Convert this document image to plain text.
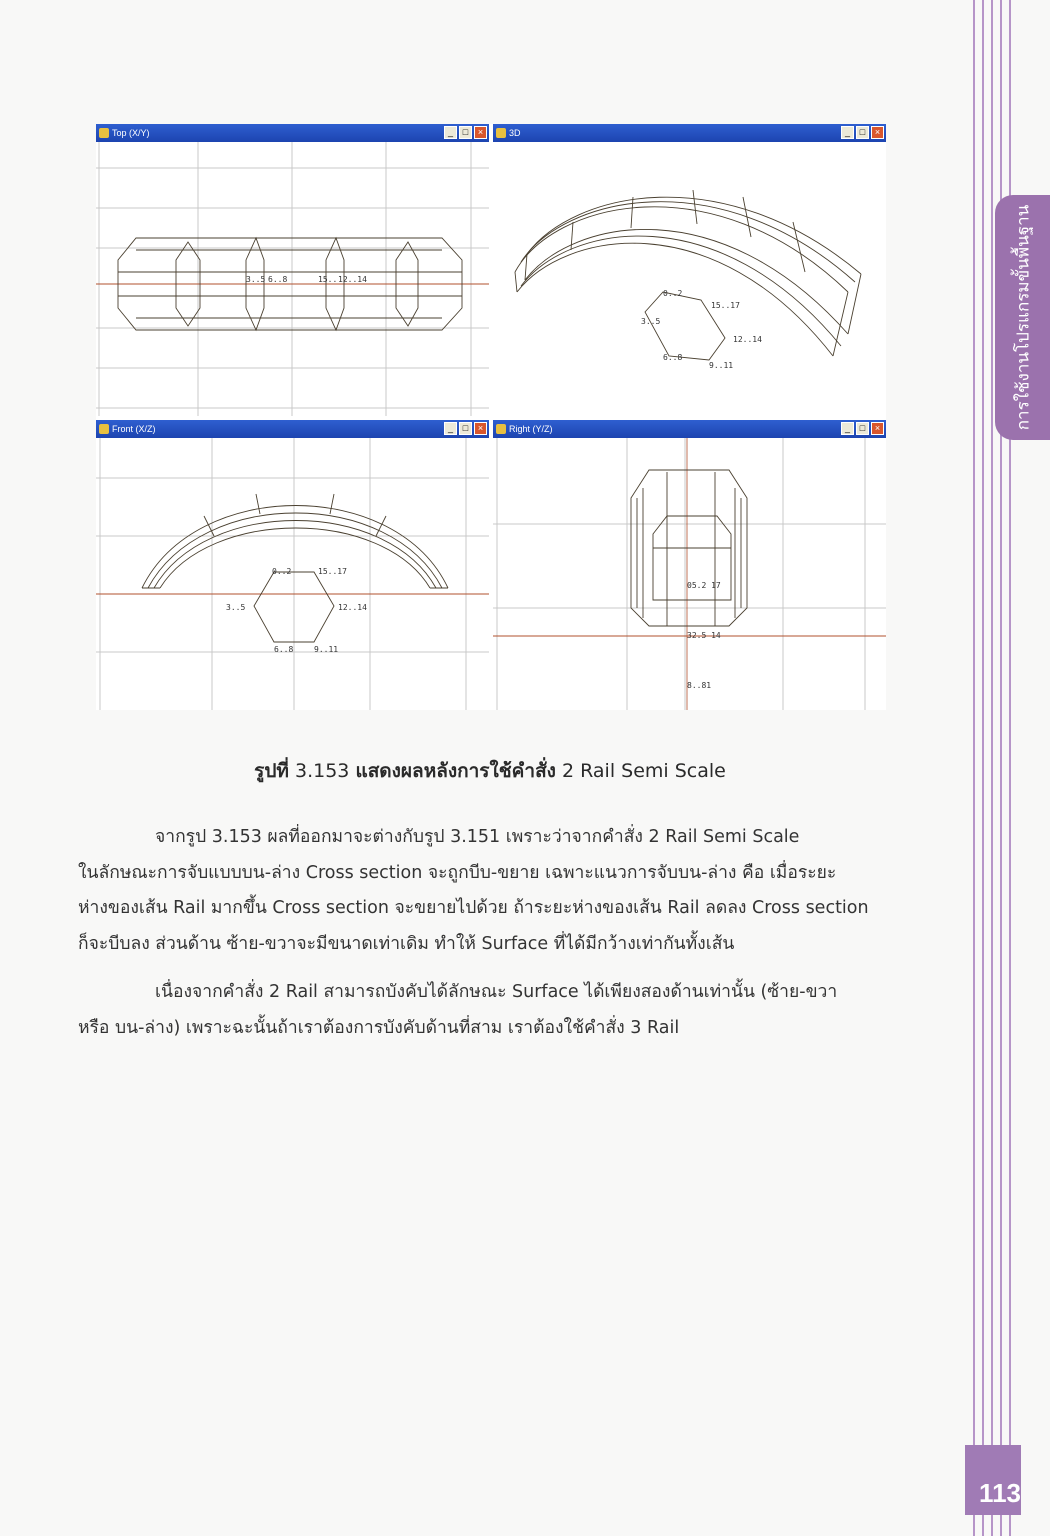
การใช้งานโปรแกรมขั้นพื้นฐาน
113
Top (X/Y)	_	□	×
3..5 6..8	15.. 12..14
3D	_	□	×
0..2
15..17
3..5
12..14
6..8
9..11
Front (X/Z)	_	□	×
0..2	15..17
3..5	12..14
6..8	9..11
Right (Y/Z)	_	□	×
05.2 17
32.5 14
8..81
รูปที่ 3.153 แสดงผลหลังการใช้คำสั่ง 2 Rail Semi Scale
จากรูป 3.153 ผลที่ออกมาจะต่างกับรูป 3.151 เพราะว่าจากคำสั่ง 2 Rail Semi Scale
ในลักษณะการจับแบบบน-ล่าง Cross section จะถูกบีบ-ขยาย เฉพาะแนวการจับบน-ล่าง คือ เมื่อระยะ
ห่างของเส้น Rail มากขึ้น Cross section จะขยายไปด้วย ถ้าระยะห่างของเส้น Rail ลดลง Cross section
ก็จะบีบลง ส่วนด้าน ซ้าย-ขวาจะมีขนาดเท่าเดิม ทำให้ Surface ที่ได้มีกว้างเท่ากันทั้งเส้น
เนื่องจากคำสั่ง 2 Rail สามารถบังคับได้ลักษณะ Surface ได้เพียงสองด้านเท่านั้น (ซ้าย-ขวา
หรือ บน-ล่าง) เพราะฉะนั้นถ้าเราต้องการบังคับด้านที่สาม เราต้องใช้คำสั่ง 3 Rail
